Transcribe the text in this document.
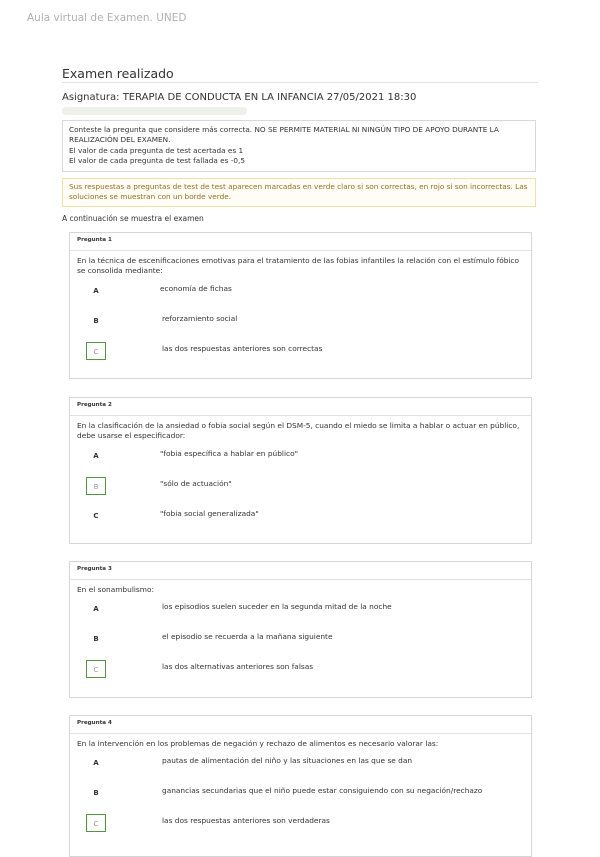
Aula virtual de Examen. UNED
Examen realizado
Asignatura: TERAPIA DE CONDUCTA EN LA INFANCIA 27/05/2021 18:30
Conteste la pregunta que considere más correcta. NO SE PERMITE MATERIAL NI NINGÚN TIPO DE APOYO DURANTE LA REALIZACIÓN DEL EXAMEN.
El valor de cada pregunta de test acertada es 1
El valor de cada pregunta de test fallada es -0,5
Sus respuestas a preguntas de test de test aparecen marcadas en verde claro si son correctas, en rojo si son incorrectas. Las soluciones se muestran con un borde verde.
A continuación se muestra el examen
Pregunta 1
En la técnica de escenificaciones emotivas para el tratamiento de las fobias infantiles la relación con el estímulo fóbico se consolida mediante:
A	economía de fichas
B	reforzamiento social
C	las dos respuestas anteriores son correctas
Pregunta 2
En la clasificación de la ansiedad o fobia social según el DSM-5, cuando el miedo se limita a hablar o actuar en público, debe usarse el especificador:
A	"fobia específica a hablar en público"
B	"sólo de actuación"
C	"fobia social generalizada"
Pregunta 3
En el sonambulismo:
A	los episodios suelen suceder en la segunda mitad de la noche
B	el episodio se recuerda a la mañana siguiente
C	las dos alternativas anteriores son falsas
Pregunta 4
En la intervención en los problemas de negación y rechazo de alimentos es necesario valorar las:
A	pautas de alimentación del niño y las situaciones en las que se dan
B	ganancias secundarias que el niño puede estar consiguiendo con su negación/rechazo
C	las dos respuestas anteriores son verdaderas
